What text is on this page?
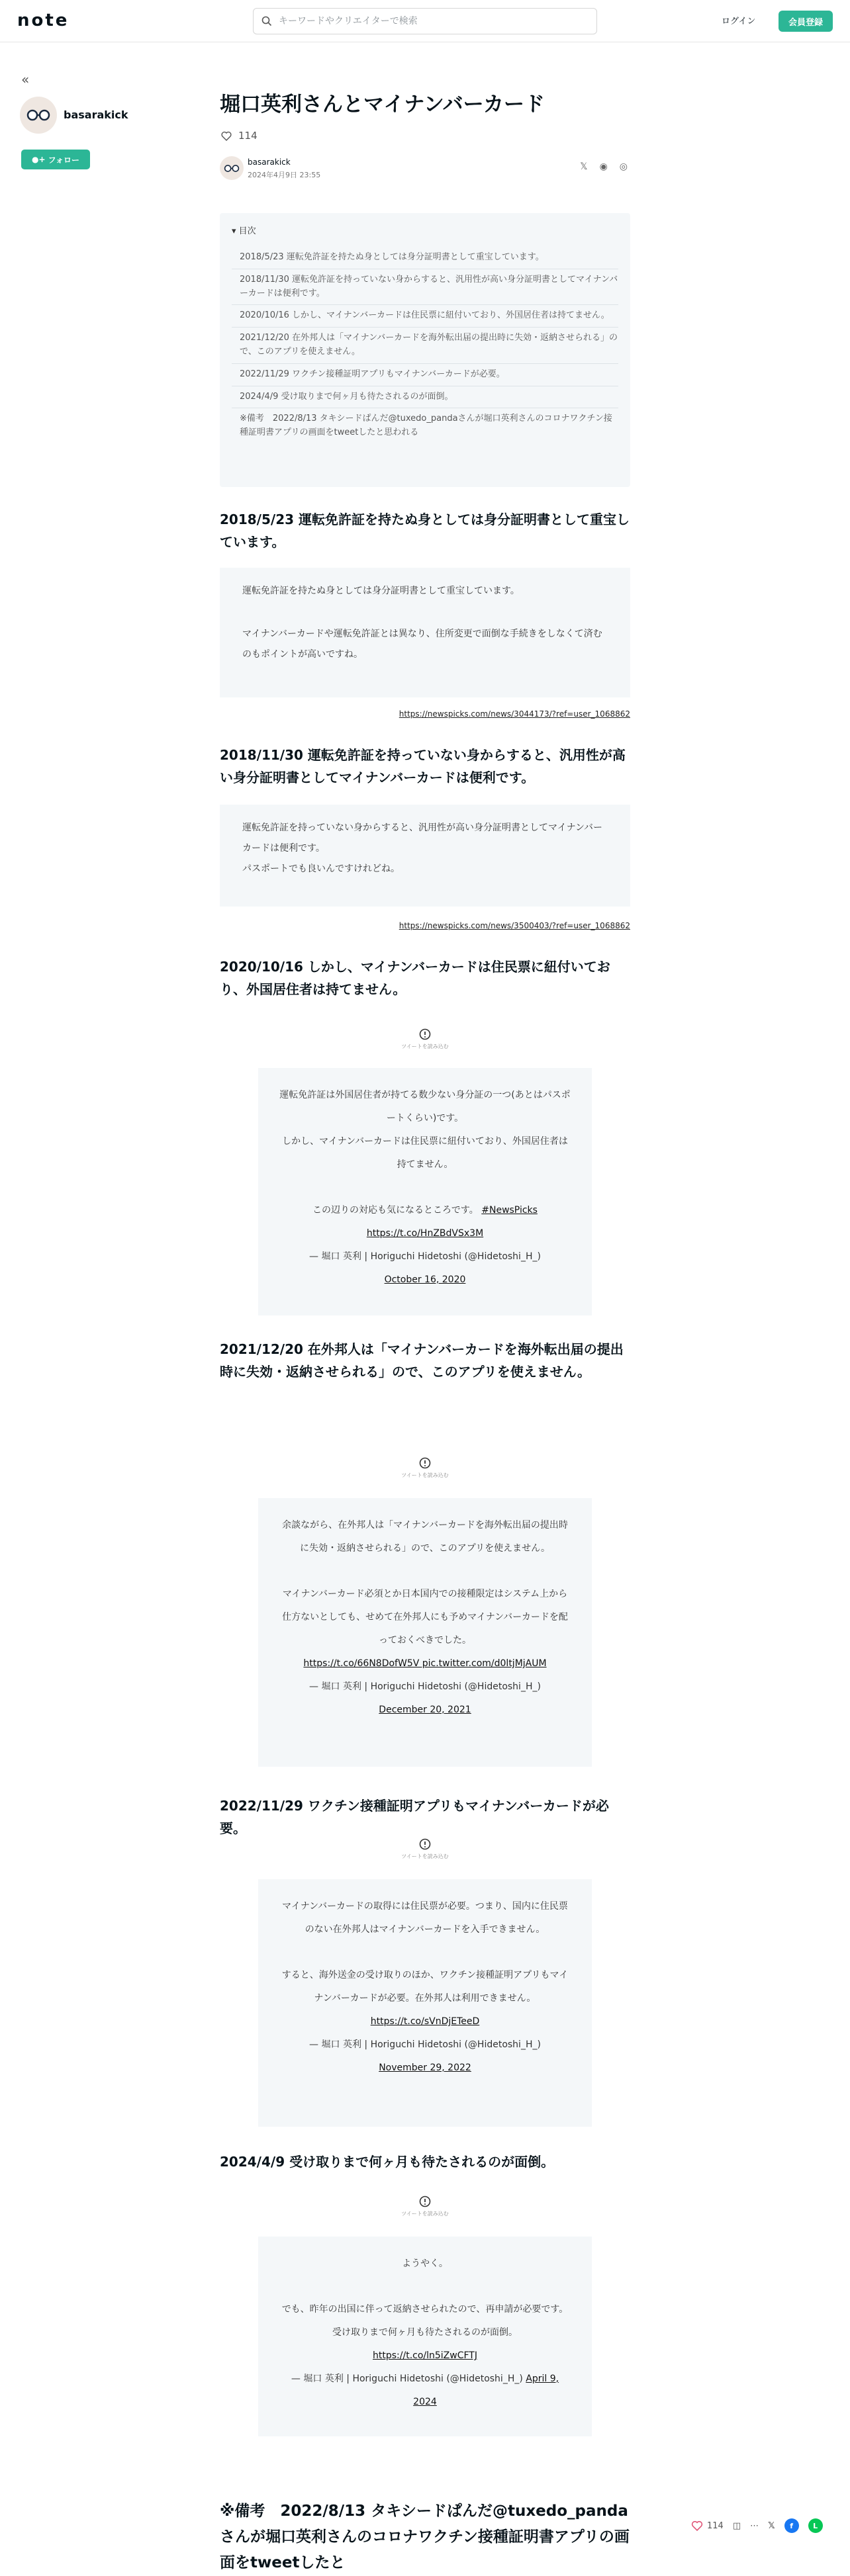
note
キーワードやクリエイターで検索	ログイン	会員登録
«
basarakick
●+ フォロー
堀口英利さんとマイナンバーカード
114
basarakick
2024年4月9日 23:55
𝕏 ◉ ◎
▾ 目次
2018/5/23 運転免許証を持たぬ身としては身分証明書として重宝しています。
2018/11/30 運転免許証を持っていない身からすると、汎用性が高い身分証明書としてマイナンバーカードは便利です。
2020/10/16 しかし、マイナンバーカードは住民票に紐付いており、外国居住者は持てません。
2021/12/20 在外邦人は「マイナンバーカードを海外転出届の提出時に失効・返納させられる」ので、このアプリを使えません。
2022/11/29 ワクチン接種証明アプリもマイナンバーカードが必要。
2024/4/9 受け取りまで何ヶ月も待たされるのが面倒。
※備考　2022/8/13 タキシードぱんだ@tuxedo_pandaさんが堀口英利さんのコロナワクチン接種証明書アプリの画面をtweetしたと思われる
2018/5/23 運転免許証を持たぬ身としては身分証明書として重宝しています。

運転免許証を持たぬ身としては身分証明書として重宝しています。

マイナンバーカードや運転免許証とは異なり、住所変更で面倒な手続きをしなくて済むのもポイントが高いですね。

https://newspicks.com/news/3044173/?ref=user_1068862
2018/11/30 運転免許証を持っていない身からすると、汎用性が高い身分証明書としてマイナンバーカードは便利です。

運転免許証を持っていない身からすると、汎用性が高い身分証明書としてマイナンバーカードは便利です。

パスポートでも良いんですけれどね。

https://newspicks.com/news/3500403/?ref=user_1068862
2020/10/16 しかし、マイナンバーカードは住民票に紐付いており、外国居住者は持てません。
ツイートを読み込む

運転免許証は外国居住者が持てる数少ない身分証の一つ(あとはパスポートくらい)です。

しかし、マイナンバーカードは住民票に紐付いており、外国居住者は持てません。

この辺りの対応も気になるところです。 #NewsPicks

https://t.co/HnZBdVSx3M

— 堀口 英利 | Horiguchi Hidetoshi (@Hidetoshi_H_)

October 16, 2020

2021/12/20 在外邦人は「マイナンバーカードを海外転出届の提出時に失効・返納させられる」ので、このアプリを使えません。
ツイートを読み込む

余談ながら、在外邦人は「マイナンバーカードを海外転出届の提出時に失効・返納させられる」ので、このアプリを使えません。

マイナンバーカード必須とか日本国内での接種限定はシステム上から仕方ないとしても、せめて在外邦人にも予めマイナンバーカードを配っておくべきでした。

https://t.co/66N8DofW5V pic.twitter.com/d0ltjMjAUM

— 堀口 英利 | Horiguchi Hidetoshi (@Hidetoshi_H_)

December 20, 2021

2022/11/29 ワクチン接種証明アプリもマイナンバーカードが必要。
ツイートを読み込む

マイナンバーカードの取得には住民票が必要。つまり、国内に住民票のない在外邦人はマイナンバーカードを入手できません。

すると、海外送金の受け取りのほか、ワクチン接種証明アプリもマイナンバーカードが必要。在外邦人は利用できません。

https://t.co/sVnDjETeeD

— 堀口 英利 | Horiguchi Hidetoshi (@Hidetoshi_H_)

November 29, 2022

2024/4/9 受け取りまで何ヶ月も待たされるのが面倒。
ツイートを読み込む

ようやく。

でも、昨年の出国に伴って返納させられたので、再申請が必要です。受け取りまで何ヶ月も待たされるのが面倒。

https://t.co/ln5iZwCFTJ

— 堀口 英利 | Horiguchi Hidetoshi (@Hidetoshi_H_) April 9, 2024

※備考　2022/8/13 タキシードぱんだ@tuxedo_pandaさんが堀口英利さんのコロナワクチン接種証明書アプリの画面をtweetしたと
114 ◫ ⋯ 𝕏	f	L
